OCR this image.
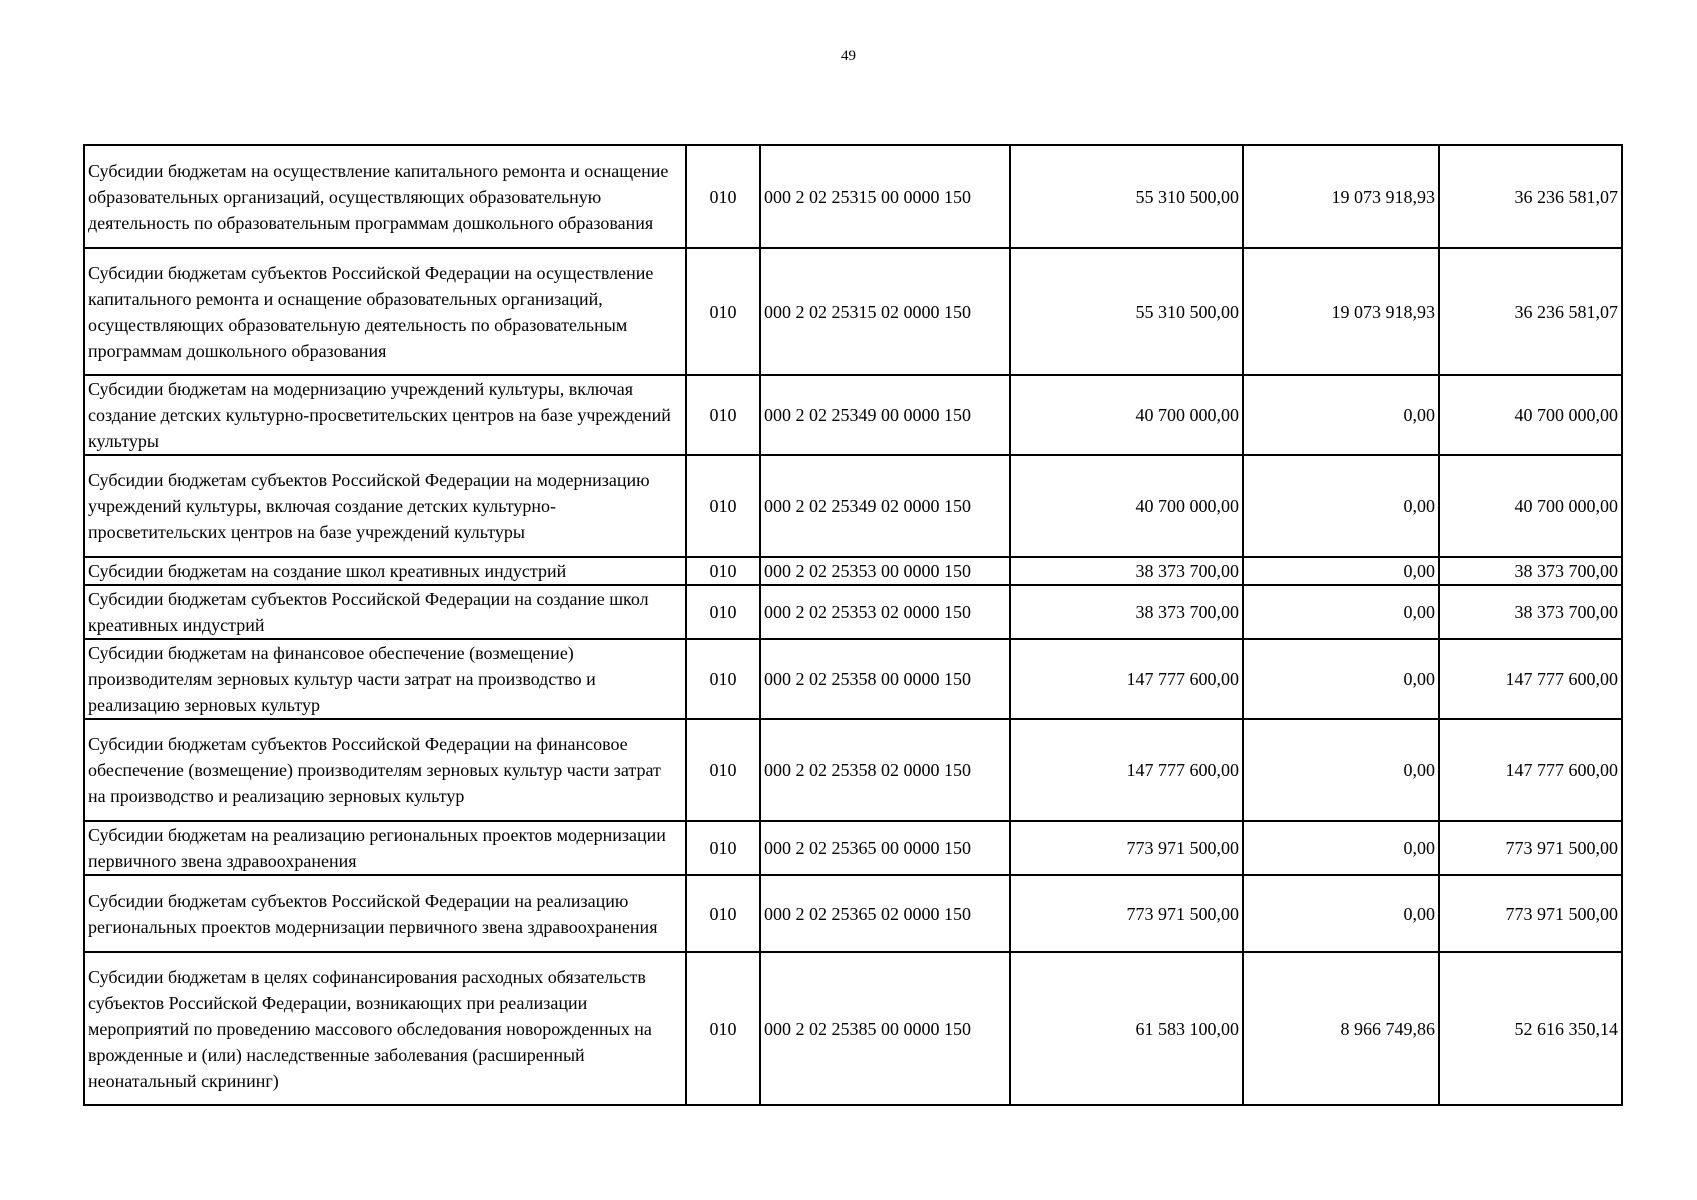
49
Субсидии бюджетам на осуществление капитального ремонта и оснащение образовательных организаций, осуществляющих образовательную деятельность по образовательным программам дошкольного образования	010	000 2 02 25315 00 0000 150	55 310 500,00	19 073 918,93	36 236 581,07
Субсидии бюджетам субъектов Российской Федерации на осуществление капитального ремонта и оснащение образовательных организаций, осуществляющих образовательную деятельность по образовательным программам дошкольного образования	010	000 2 02 25315 02 0000 150	55 310 500,00	19 073 918,93	36 236 581,07
Субсидии бюджетам на модернизацию учреждений культуры, включая создание детских культурно-просветительских центров на базе учреждений культуры	010	000 2 02 25349 00 0000 150	40 700 000,00	0,00	40 700 000,00
Субсидии бюджетам субъектов Российской Федерации на модернизацию учреждений культуры, включая создание детских культурно-просветительских центров на базе учреждений культуры	010	000 2 02 25349 02 0000 150	40 700 000,00	0,00	40 700 000,00
Субсидии бюджетам на создание школ креативных индустрий	010	000 2 02 25353 00 0000 150	38 373 700,00	0,00	38 373 700,00
Субсидии бюджетам субъектов Российской Федерации на создание школ креативных индустрий	010	000 2 02 25353 02 0000 150	38 373 700,00	0,00	38 373 700,00
Субсидии бюджетам на финансовое обеспечение (возмещение) производителям зерновых культур части затрат на производство и реализацию зерновых культур	010	000 2 02 25358 00 0000 150	147 777 600,00	0,00	147 777 600,00
Субсидии бюджетам субъектов Российской Федерации на финансовое обеспечение (возмещение) производителям зерновых культур части затрат на производство и реализацию зерновых культур	010	000 2 02 25358 02 0000 150	147 777 600,00	0,00	147 777 600,00
Субсидии бюджетам на реализацию региональных проектов модернизации первичного звена здравоохранения	010	000 2 02 25365 00 0000 150	773 971 500,00	0,00	773 971 500,00
Субсидии бюджетам субъектов Российской Федерации на реализацию региональных проектов модернизации первичного звена здравоохранения	010	000 2 02 25365 02 0000 150	773 971 500,00	0,00	773 971 500,00
Субсидии бюджетам в целях софинансирования расходных обязательств субъектов Российской Федерации, возникающих при реализации мероприятий по проведению массового обследования новорожденных на врожденные и (или) наследственные заболевания (расширенный неонатальный скрининг)	010	000 2 02 25385 00 0000 150	61 583 100,00	8 966 749,86	52 616 350,14
